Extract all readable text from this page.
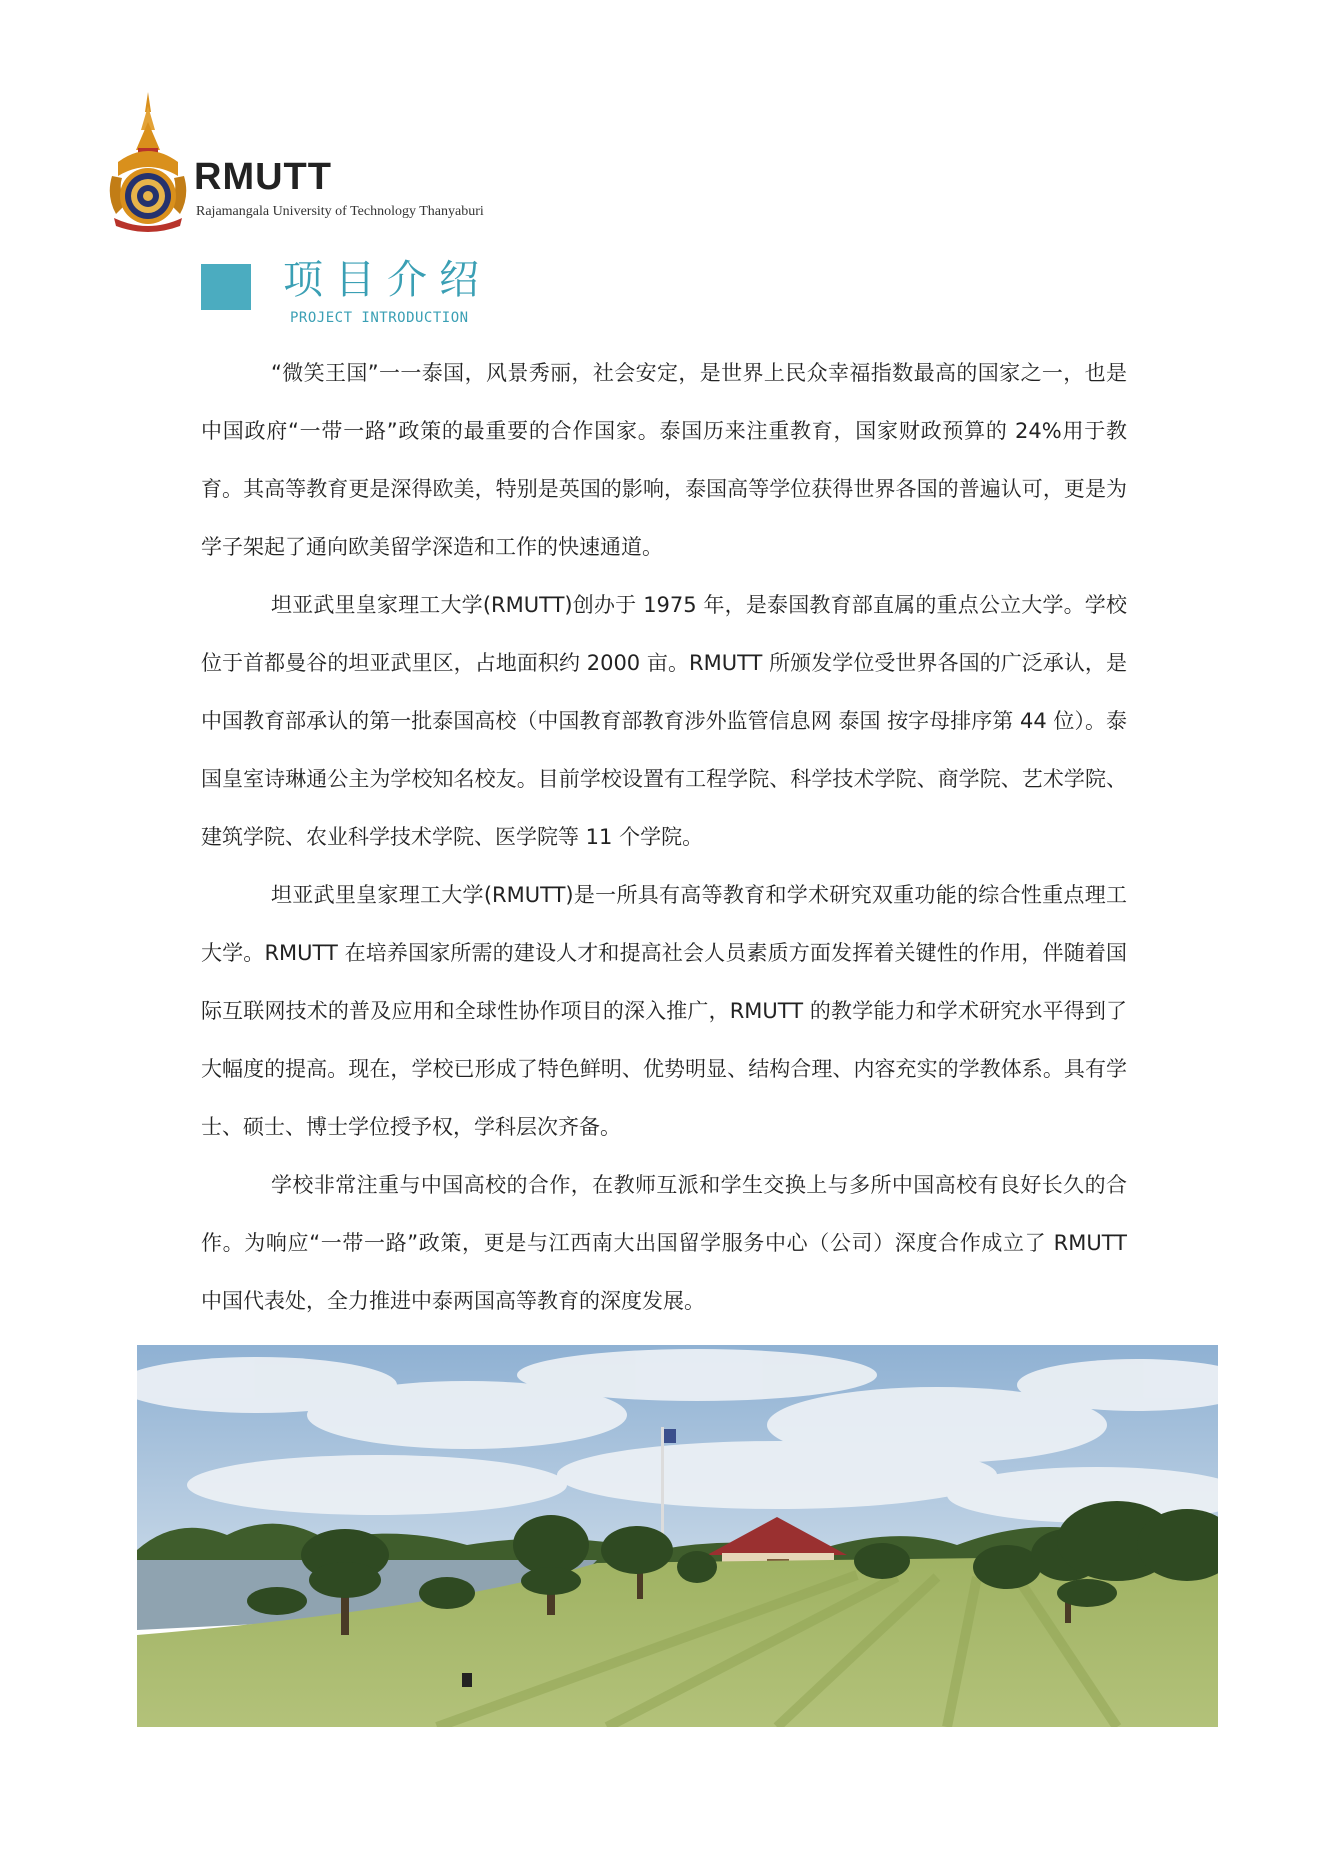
RMUTT
Rajamangala University of Technology Thanyaburi
项目介绍
PROJECT INTRODUCTION

“微笑王国”一一泰国，风景秀丽，社会安定，是世界上民众幸福指数最高的国家之一，也是中国政府“一带一路”政策的最重要的合作国家。泰国历来注重教育，国家财政预算的 24%用于教育。其高等教育更是深得欧美，特别是英国的影响，泰国高等学位获得世界各国的普遍认可，更是为学子架起了通向欧美留学深造和工作的快速通道。

坦亚武里皇家理工大学(RMUTT)创办于 1975 年，是泰国教育部直属的重点公立大学。学校位于首都曼谷的坦亚武里区，占地面积约 2000 亩。RMUTT 所颁发学位受世界各国的广泛承认，是中国教育部承认的第一批泰国高校（中国教育部教育涉外监管信息网 泰国 按字母排序第 44 位）。泰国皇室诗琳通公主为学校知名校友。目前学校设置有工程学院、科学技术学院、商学院、艺术学院、建筑学院、农业科学技术学院、医学院等 11 个学院。

坦亚武里皇家理工大学(RMUTT)是一所具有高等教育和学术研究双重功能的综合性重点理工大学。RMUTT 在培养国家所需的建设人才和提高社会人员素质方面发挥着关键性的作用，伴随着国际互联网技术的普及应用和全球性协作项目的深入推广，RMUTT 的教学能力和学术研究水平得到了大幅度的提高。现在，学校已形成了特色鲜明、优势明显、结构合理、内容充实的学教体系。具有学士、硕士、博士学位授予权，学科层次齐备。

学校非常注重与中国高校的合作，在教师互派和学生交换上与多所中国高校有良好长久的合作。为响应“一带一路”政策，更是与江西南大出国留学服务中心（公司）深度合作成立了 RMUTT 中国代表处，全力推进中泰两国高等教育的深度发展。
